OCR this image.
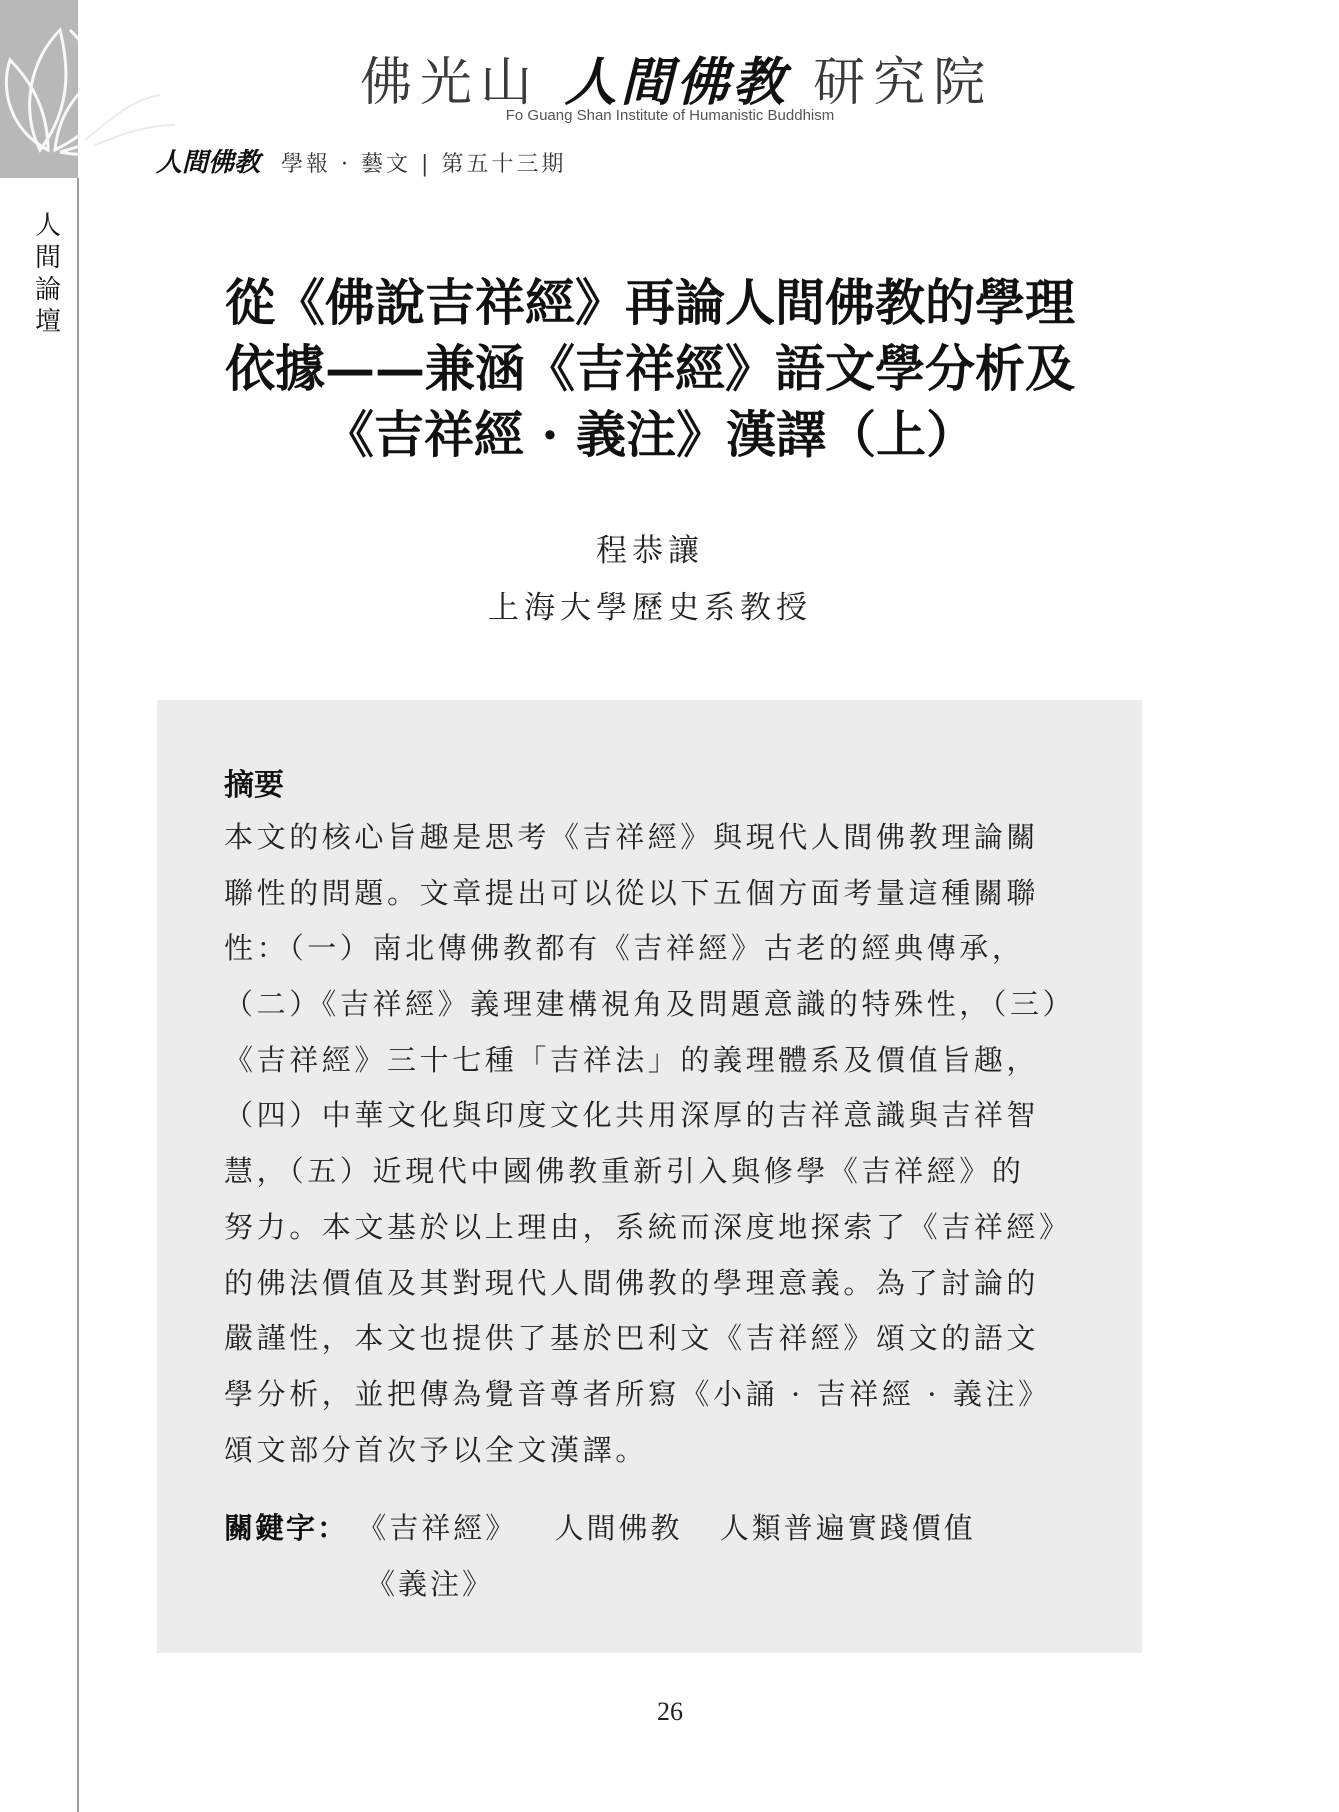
人
間
論
壇
佛光山 人間佛教 研究院
Fo Guang Shan Institute of Humanistic Buddhism
人間佛教 學報 · 藝文 | 第五十三期
從《佛說吉祥經》再論人間佛教的學理
依據——兼涵《吉祥經》語文學分析及
《吉祥經 · 義注》漢譯（上）
程恭讓
上海大學歷史系教授
摘要
本文的核心旨趣是思考《吉祥經》與現代人間佛教理論關
聯性的問題。文章提出可以從以下五個方面考量這種關聯
性：（一）南北傳佛教都有《吉祥經》古老的經典傳承，
（二）《吉祥經》義理建構視角及問題意識的特殊性，（三）
《吉祥經》三十七種「吉祥法」的義理體系及價值旨趣，
（四）中華文化與印度文化共用深厚的吉祥意識與吉祥智
慧，（五）近現代中國佛教重新引入與修學《吉祥經》的
努力。本文基於以上理由，系統而深度地探索了《吉祥經》
的佛法價值及其對現代人間佛教的學理意義。為了討論的
嚴謹性，本文也提供了基於巴利文《吉祥經》頌文的語文
學分析，並把傳為覺音尊者所寫《小誦 · 吉祥經 · 義注》
頌文部分首次予以全文漢譯。
關鍵字： 《吉祥經》 人間佛教 人類普遍實踐價值
《義注》
26
